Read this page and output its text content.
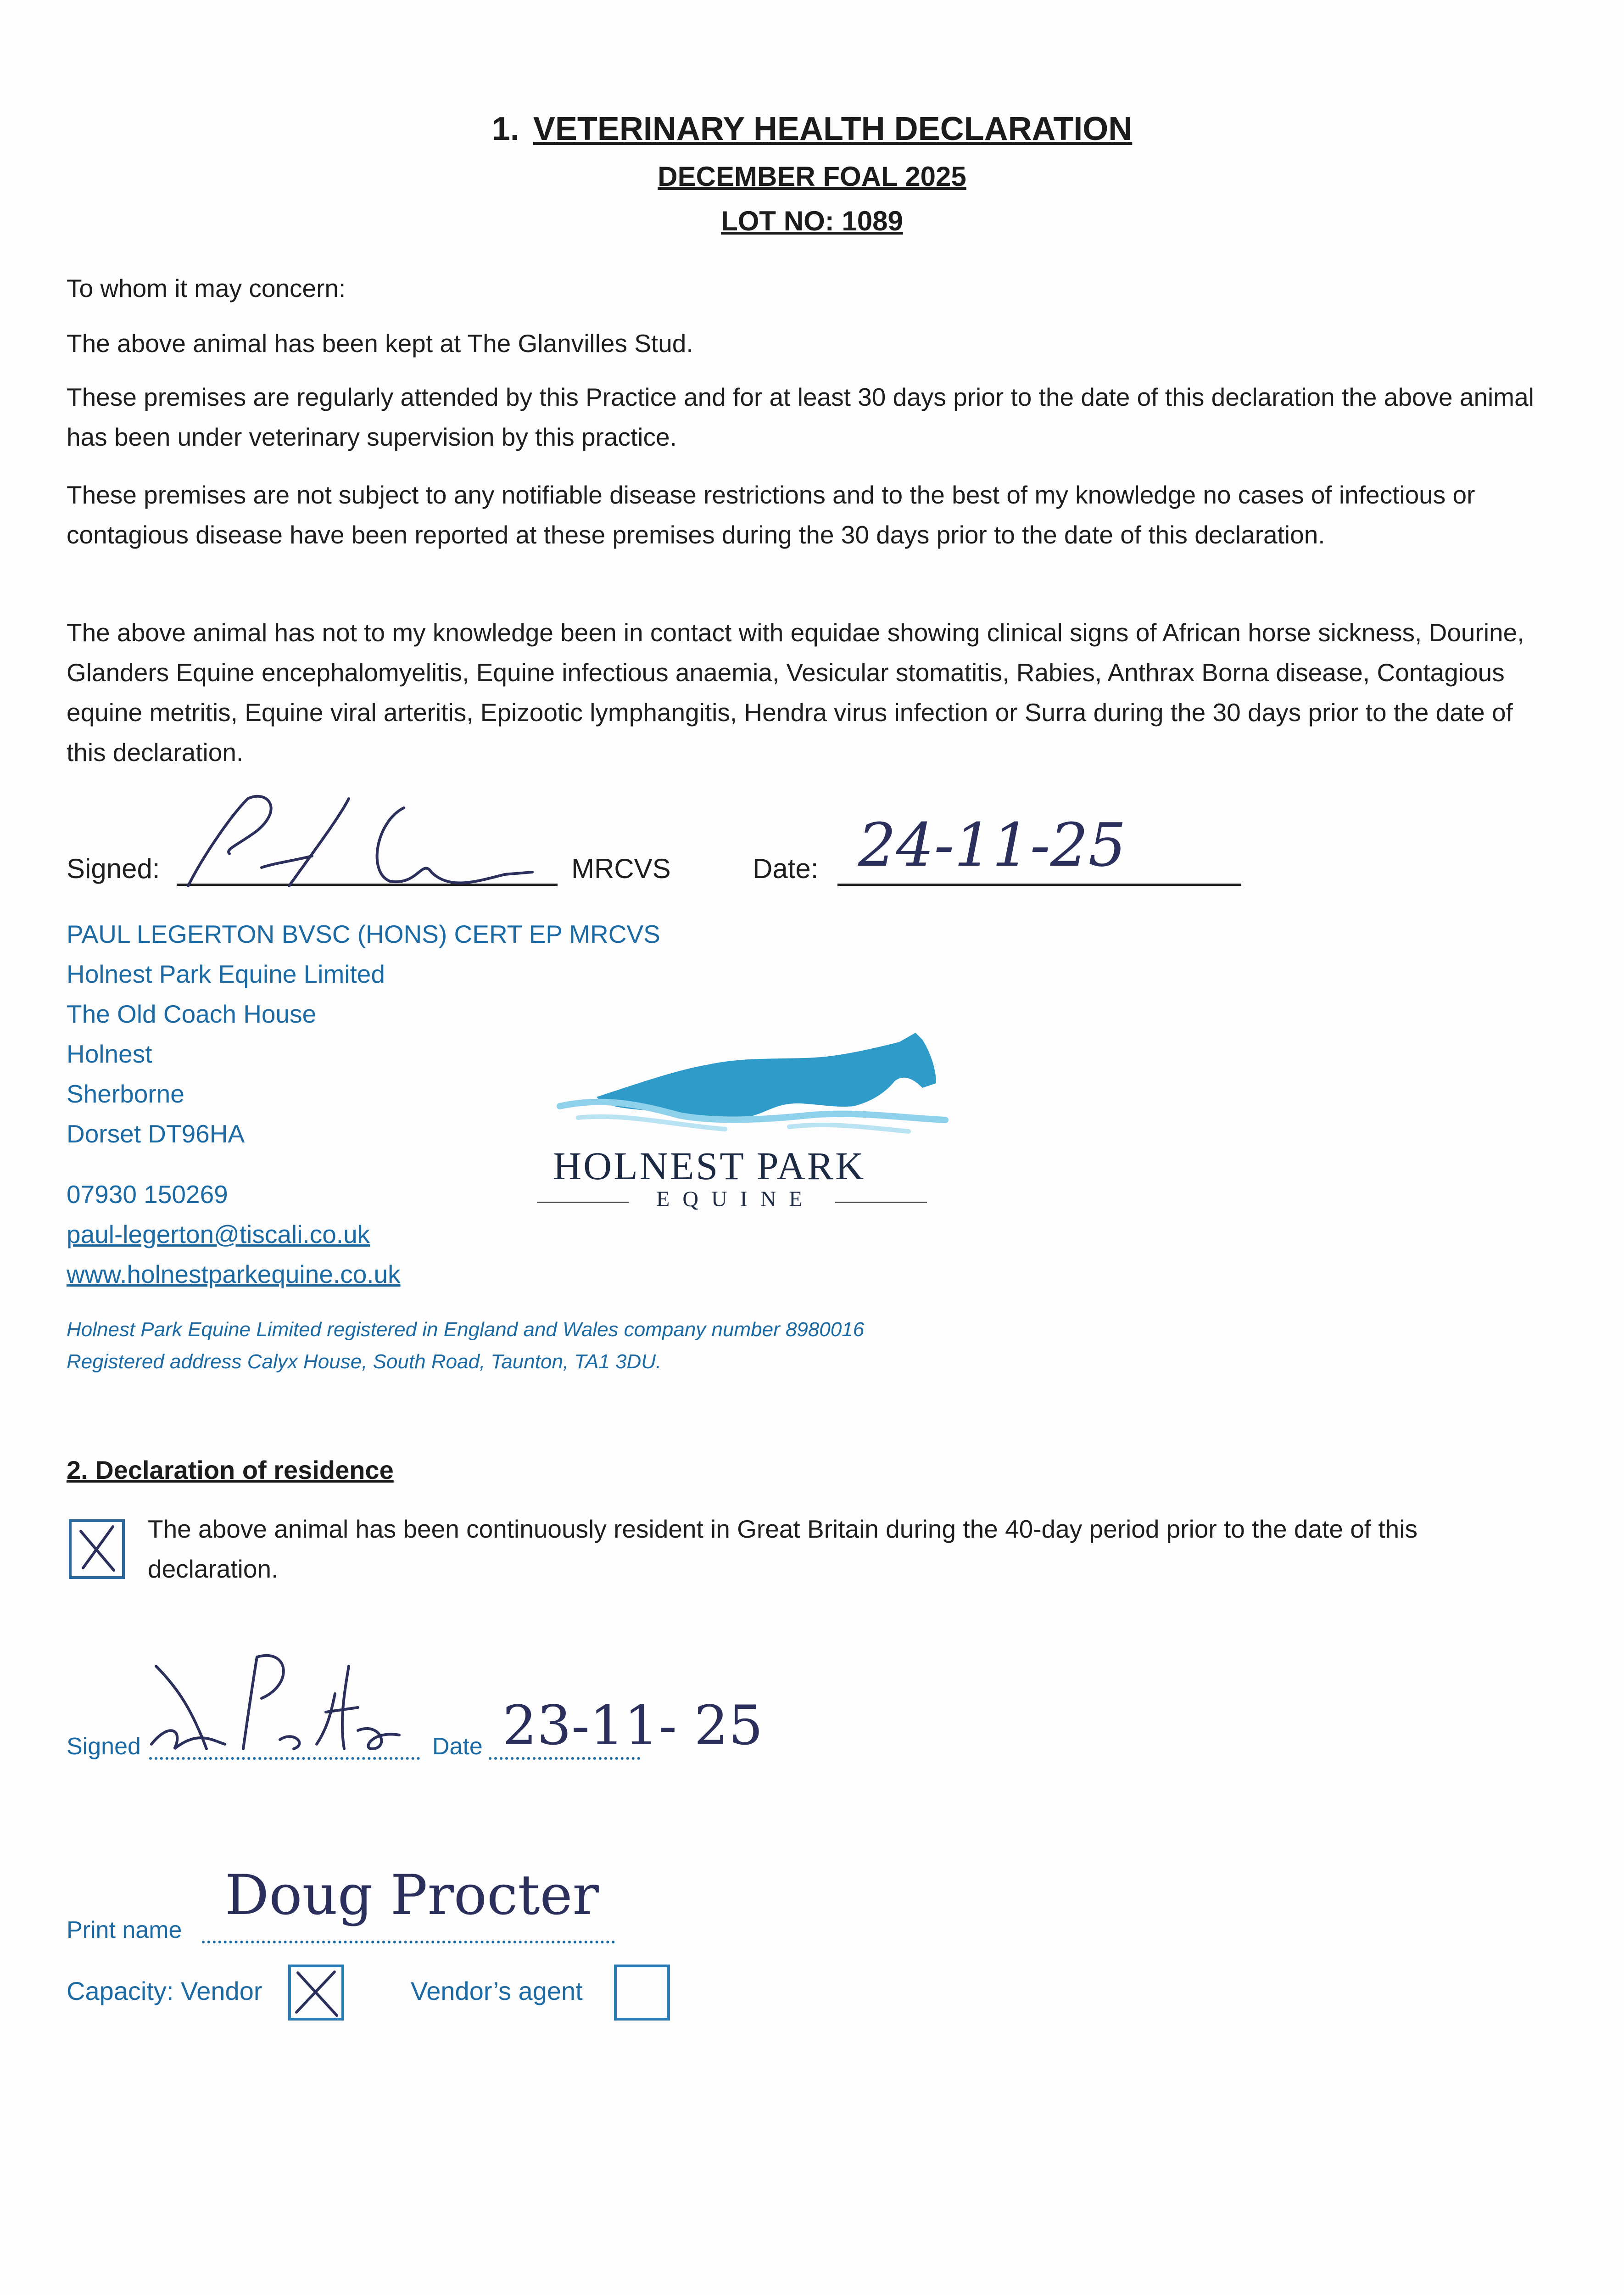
1. VETERINARY HEALTH DECLARATION
DECEMBER FOAL 2025
LOT NO: 1089
To whom it may concern:
The above animal has been kept at The Glanvilles Stud.
These premises are regularly attended by this Practice and for at least 30 days prior to the date of this declaration the above animal has been under veterinary supervision by this practice.
These premises are not subject to any notifiable disease restrictions and to the best of my knowledge no cases of infectious or contagious disease have been reported at these premises during the 30 days prior to the date of this declaration.
The above animal has not to my knowledge been in contact with equidae showing clinical signs of African horse sickness, Dourine, Glanders Equine encephalomyelitis, Equine infectious anaemia, Vesicular stomatitis, Rabies, Anthrax Borna disease, Contagious equine metritis, Equine viral arteritis, Epizootic lymphangitis, Hendra virus infection or Surra during the 30 days prior to the date of this declaration.
Signed:	MRCVS	Date: 24-11-25
PAUL LEGERTON BVSC (HONS) CERT EP MRCVS
Holnest Park Equine Limited
The Old Coach House
Holnest
Sherborne
Dorset DT96HA
07930 150269
paul-legerton@tiscali.co.uk
www.holnestparkequine.co.uk
Holnest Park Equine Limited registered in England and Wales company number 8980016
Registered address Calyx House, South Road, Taunton, TA1 3DU.
HOLNEST PARK
EQUINE
2. Declaration of residence
The above animal has been continuously resident in Great Britain during the 40-day period prior to the date of this declaration.
Signed	Date 23-11- 25
Print name
Doug Procter
Capacity: Vendor	Vendor’s agent
